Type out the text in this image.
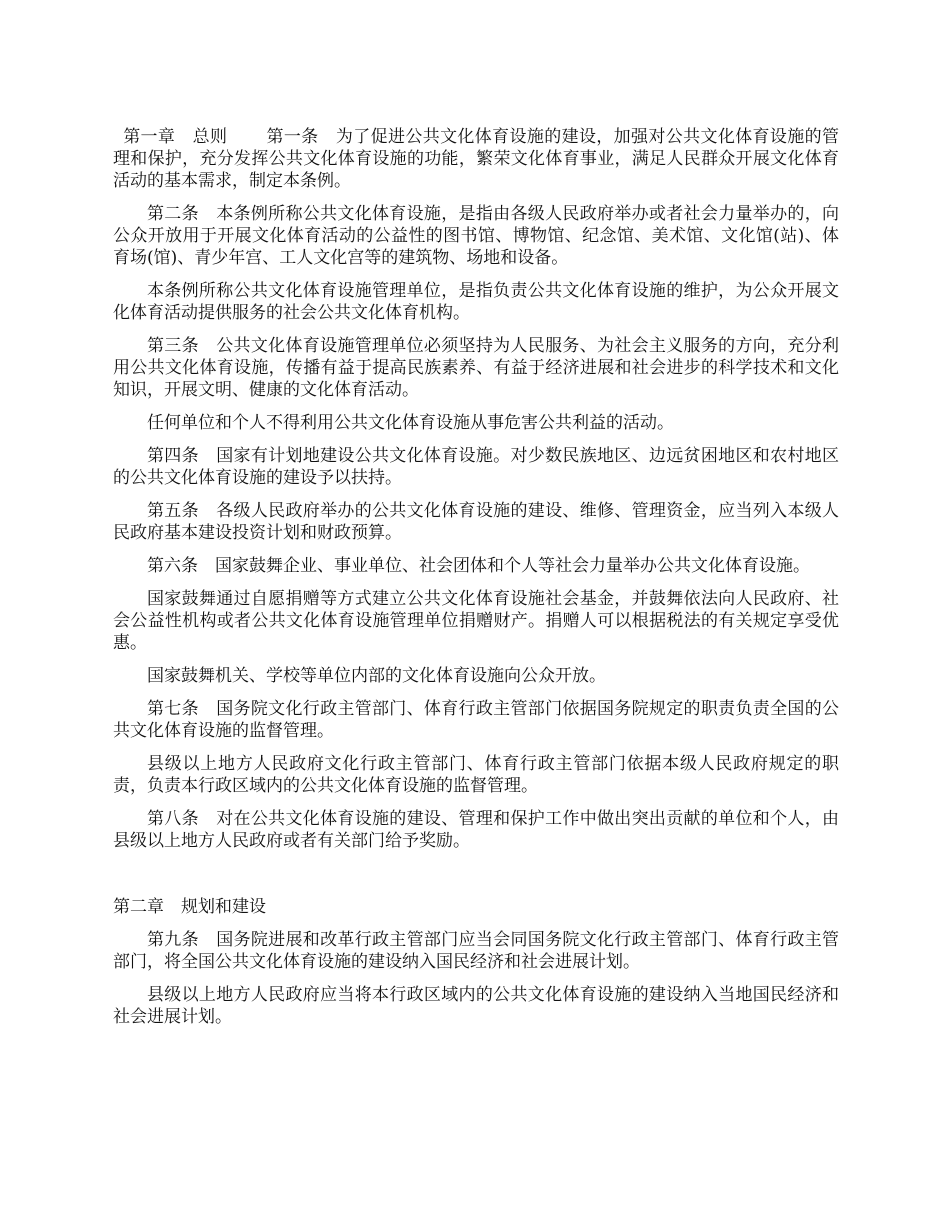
第一章　总则 第一条　为了促进公共文化体育设施的建设，加强对公共文化体育设施的管理和保护，充分发挥公共文化体育设施的功能，繁荣文化体育事业，满足人民群众开展文化体育活动的基本需求，制定本条例。

第二条　本条例所称公共文化体育设施，是指由各级人民政府举办或者社会力量举办的，向公众开放用于开展文化体育活动的公益性的图书馆、博物馆、纪念馆、美术馆、文化馆(站)、体育场(馆)、青少年宫、工人文化宫等的建筑物、场地和设备。

本条例所称公共文化体育设施管理单位，是指负责公共文化体育设施的维护，为公众开展文化体育活动提供服务的社会公共文化体育机构。

第三条　公共文化体育设施管理单位必须坚持为人民服务、为社会主义服务的方向，充分利用公共文化体育设施，传播有益于提高民族素养、有益于经济进展和社会进步的科学技术和文化知识，开展文明、健康的文化体育活动。

任何单位和个人不得利用公共文化体育设施从事危害公共利益的活动。

第四条　国家有计划地建设公共文化体育设施。对少数民族地区、边远贫困地区和农村地区的公共文化体育设施的建设予以扶持。

第五条　各级人民政府举办的公共文化体育设施的建设、维修、管理资金，应当列入本级人民政府基本建设投资计划和财政预算。

第六条　国家鼓舞企业、事业单位、社会团体和个人等社会力量举办公共文化体育设施。

国家鼓舞通过自愿捐赠等方式建立公共文化体育设施社会基金，并鼓舞依法向人民政府、社会公益性机构或者公共文化体育设施管理单位捐赠财产。捐赠人可以根据税法的有关规定享受优惠。

国家鼓舞机关、学校等单位内部的文化体育设施向公众开放。

第七条　国务院文化行政主管部门、体育行政主管部门依据国务院规定的职责负责全国的公共文化体育设施的监督管理。

县级以上地方人民政府文化行政主管部门、体育行政主管部门依据本级人民政府规定的职责，负责本行政区域内的公共文化体育设施的监督管理。

第八条　对在公共文化体育设施的建设、管理和保护工作中做出突出贡献的单位和个人，由县级以上地方人民政府或者有关部门给予奖励。

第二章　规划和建设

第九条　国务院进展和改革行政主管部门应当会同国务院文化行政主管部门、体育行政主管部门，将全国公共文化体育设施的建设纳入国民经济和社会进展计划。

县级以上地方人民政府应当将本行政区域内的公共文化体育设施的建设纳入当地国民经济和社会进展计划。
